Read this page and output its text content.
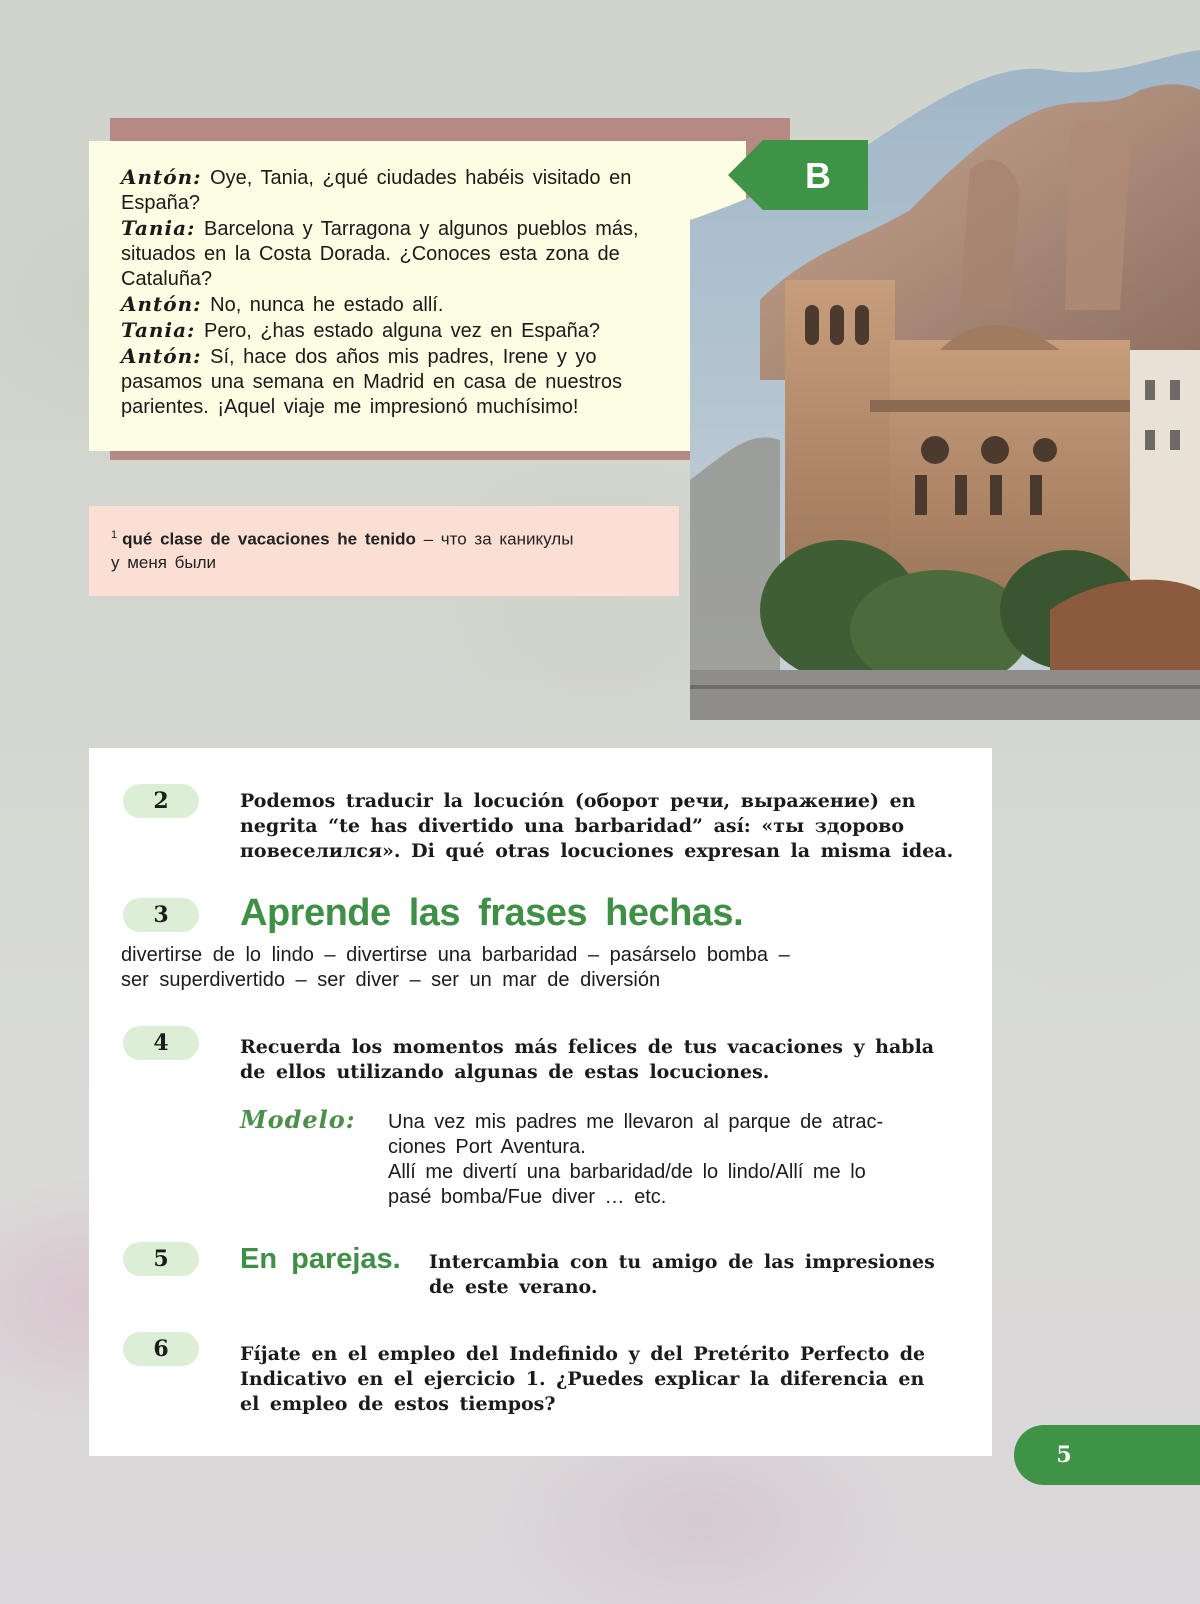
Antón: Oye, Tania, ¿qué ciudades habéis visitado en
España?
Tania: Barcelona y Tarragona y algunos pueblos más,
situados en la Costa Dorada. ¿Conoces esta zona de
Cataluña?
Antón: No, nunca he estado allí.
Tania: Pero, ¿has estado alguna vez en España?
Antón: Sí, hace dos años mis padres, Irene y yo
pasamos una semana en Madrid en casa de nuestros
parientes. ¡Aquel viaje me impresionó muchísimo!
B
$^1$ qué clase de vacaciones he tenido – что за каникулы
у меня были
2	Podemos traducir la locución (оборот речи, выражение) en
negrita “te has divertido una barbaridad” así: «ты здорово
повеселился». Di qué otras locuciones expresan la misma idea.
3	Aprende las frases hechas.
divertirse de lo lindo – divertirse una barbaridad – pasárselo bomba –
ser superdivertido – ser diver – ser un mar de diversión
4	Recuerda los momentos más felices de tus vacaciones y habla
de ellos utilizando algunas de estas locuciones.
Modelo: Una vez mis padres me llevaron al parque de atrac-
ciones Port Aventura.
Allí me divertí una barbaridad/de lo lindo/Allí me lo
pasé bomba/Fue diver … etc.
5	En parejas. Intercambia con tu amigo de las impresiones
de este verano.
6	Fíjate en el empleo del Indefinido y del Pretérito Perfecto de
Indicativo en el ejercicio 1. ¿Puedes explicar la diferencia en
el empleo de estos tiempos?
5
